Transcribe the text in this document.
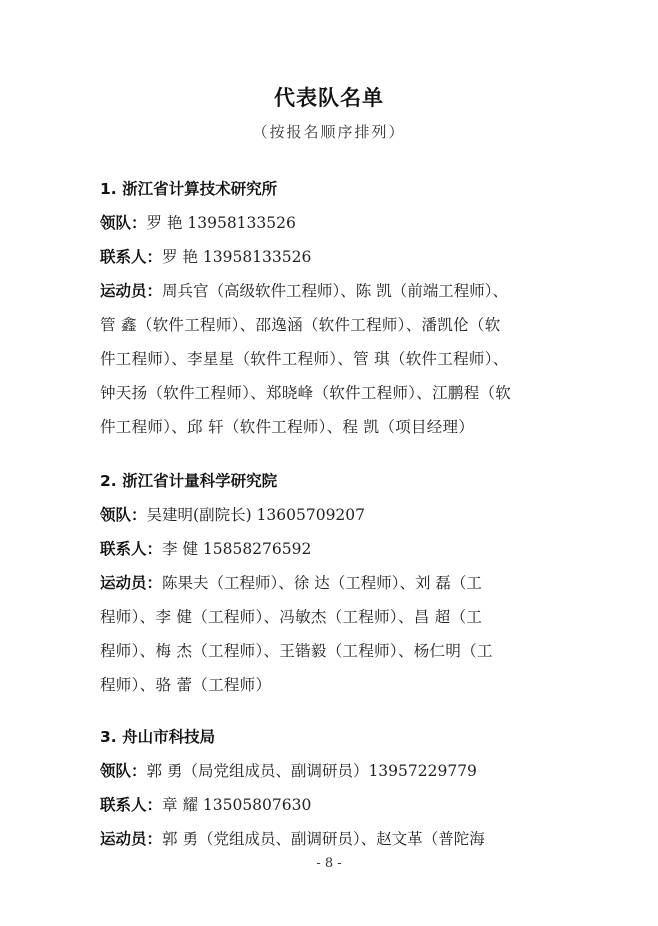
代表队名单
（按报名顺序排列）
1. 浙江省计算技术研究所
领队：罗 艳 13958133526
联系人：罗 艳 13958133526
运动员：周兵官（高级软件工程师）、陈 凯（前端工程师）、
管 鑫（软件工程师）、邵逸涵（软件工程师）、潘凯伦（软
件工程师）、李星星（软件工程师）、管 琪（软件工程师）、
钟天扬（软件工程师）、郑晓峰（软件工程师）、江鹏程（软
件工程师）、邱 轩（软件工程师）、程 凯（项目经理）
2. 浙江省计量科学研究院
领队：吴建明(副院长) 13605709207
联系人：李 健 15858276592
运动员：陈果夫（工程师）、徐 达（工程师）、刘 磊（工
程师）、李 健（工程师）、冯敏杰（工程师）、昌 超（工
程师）、梅 杰（工程师）、王锴毅（工程师）、杨仁明（工
程师）、骆 蕾（工程师）
3. 舟山市科技局
领队：郭 勇（局党组成员、副调研员）13957229779
联系人：章 耀 13505807630
运动员：郭 勇（党组成员、副调研员）、赵文革（普陀海
- 8 -
